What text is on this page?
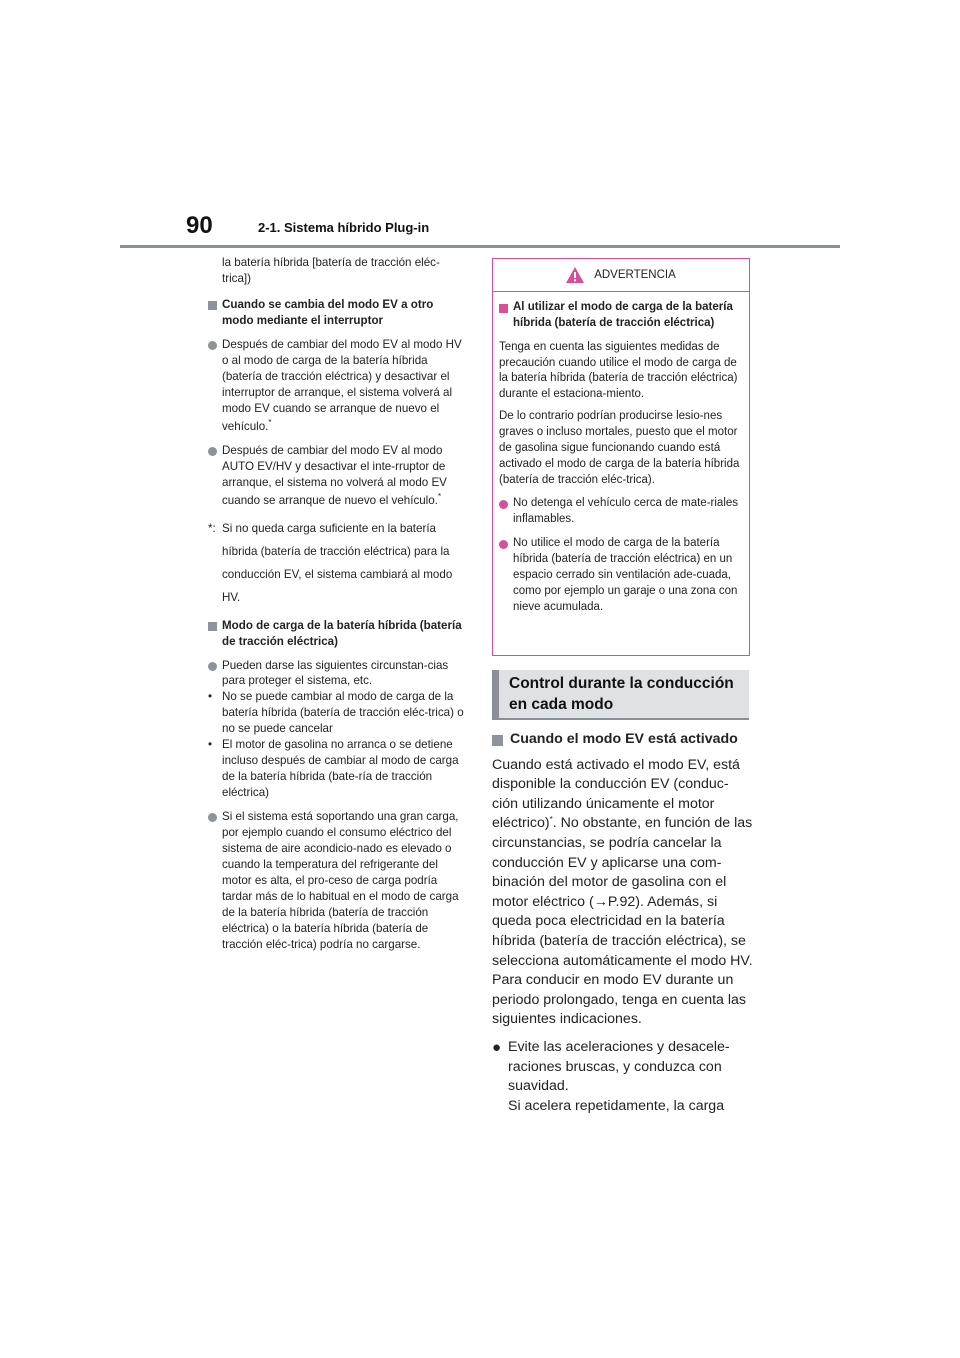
90	2-1. Sistema híbrido Plug-in

la batería híbrida [batería de tracción eléc-trica])

Cuando se cambia del modo EV a otro modo mediante el interruptor
Después de cambiar del modo EV al modo HV o al modo de carga de la batería híbrida (batería de tracción eléctrica) y desactivar el interruptor de arranque, el sistema volverá al modo EV cuando se arranque de nuevo el vehículo.*
Después de cambiar del modo EV al modo AUTO EV/HV y desactivar el inte-rruptor de arranque, el sistema no volverá al modo EV cuando se arranque de nuevo el vehículo.*
*: Si no queda carga suficiente en la batería híbrida (batería de tracción eléctrica) para la conducción EV, el sistema cambiará al modo HV.
Modo de carga de la batería híbrida (batería de tracción eléctrica)
Pueden darse las siguientes circunstan-cias para proteger el sistema, etc.
• No se puede cambiar al modo de carga de la batería híbrida (batería de tracción eléc-trica) o no se puede cancelar
• El motor de gasolina no arranca o se detiene incluso después de cambiar al modo de carga de la batería híbrida (bate-ría de tracción eléctrica)
Si el sistema está soportando una gran carga, por ejemplo cuando el consumo eléctrico del sistema de aire acondicio-nado es elevado o cuando la temperatura del refrigerante del motor es alta, el pro-ceso de carga podría tardar más de lo habitual en el modo de carga de la batería híbrida (batería de tracción eléctrica) o la batería híbrida (batería de tracción eléc-trica) podría no cargarse.
ADVERTENCIA
Al utilizar el modo de carga de la batería híbrida (batería de tracción eléctrica)

Tenga en cuenta las siguientes medidas de precaución cuando utilice el modo de carga de la batería híbrida (batería de tracción eléctrica) durante el estaciona-miento.

De lo contrario podrían producirse lesio-nes graves o incluso mortales, puesto que el motor de gasolina sigue funcionando cuando está activado el modo de carga de la batería híbrida (batería de tracción eléc-trica).

No detenga el vehículo cerca de mate-riales inflamables.
No utilice el modo de carga de la batería híbrida (batería de tracción eléctrica) en un espacio cerrado sin ventilación ade-cuada, como por ejemplo un garaje o una zona con nieve acumulada.
Control durante la conducción en cada modo
Cuando el modo EV está activado

Cuando está activado el modo EV, está disponible la conducción EV (conduc-ción utilizando únicamente el motor eléctrico)*. No obstante, en función de las circunstancias, se podría cancelar la conducción EV y aplicarse una com-binación del motor de gasolina con el motor eléctrico (→P.92). Además, si queda poca electricidad en la batería híbrida (batería de tracción eléctrica), se selecciona automáticamente el modo HV. Para conducir en modo EV durante un periodo prolongado, tenga en cuenta las siguientes indicaciones.

● Evite las aceleraciones y desacele-raciones bruscas, y conduzca con suavidad.
Si acelera repetidamente, la carga
